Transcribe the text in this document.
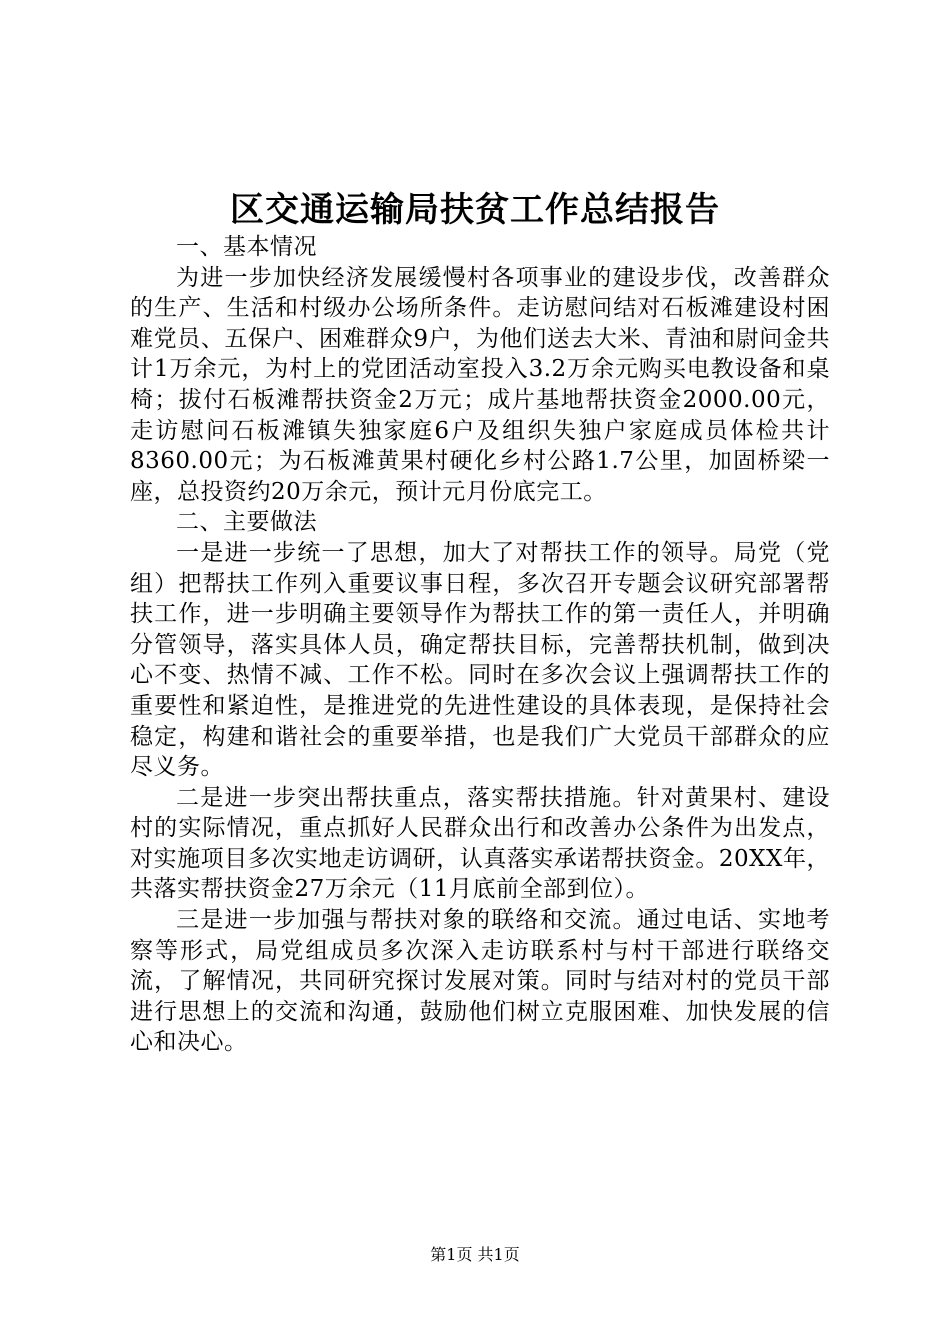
区交通运输局扶贫工作总结报告

一、基本情况

为进一步加快经济发展缓慢村各项事业的建设步伐，改善群众的生产、生活和村级办公场所条件。走访慰问结对石板滩建设村困难党员、五保户、困难群众9户，为他们送去大米、青油和尉问金共计1万余元，为村上的党团活动室投入3.2万余元购买电教设备和桌椅；拔付石板滩帮扶资金2万元；成片基地帮扶资金2000.00元，走访慰问石板滩镇失独家庭6户及组织失独户家庭成员体检共计8360.00元；为石板滩黄果村硬化乡村公路1.7公里，加固桥梁一座，总投资约20万余元，预计元月份底完工。

二、主要做法

一是进一步统一了思想，加大了对帮扶工作的领导。局党（党组）把帮扶工作列入重要议事日程，多次召开专题会议研究部署帮扶工作，进一步明确主要领导作为帮扶工作的第一责任人，并明确分管领导，落实具体人员，确定帮扶目标，完善帮扶机制，做到决心不变、热情不减、工作不松。同时在多次会议上强调帮扶工作的重要性和紧迫性，是推进党的先进性建设的具体表现，是保持社会稳定，构建和谐社会的重要举措，也是我们广大党员干部群众的应尽义务。

二是进一步突出帮扶重点，落实帮扶措施。针对黄果村、建设村的实际情况，重点抓好人民群众出行和改善办公条件为出发点，对实施项目多次实地走访调研，认真落实承诺帮扶资金。20XX年，共落实帮扶资金27万余元（11月底前全部到位）。

三是进一步加强与帮扶对象的联络和交流。通过电话、实地考察等形式，局党组成员多次深入走访联系村与村干部进行联络交流，了解情况，共同研究探讨发展对策。同时与结对村的党员干部进行思想上的交流和沟通，鼓励他们树立克服困难、加快发展的信心和决心。

第1页 共1页
